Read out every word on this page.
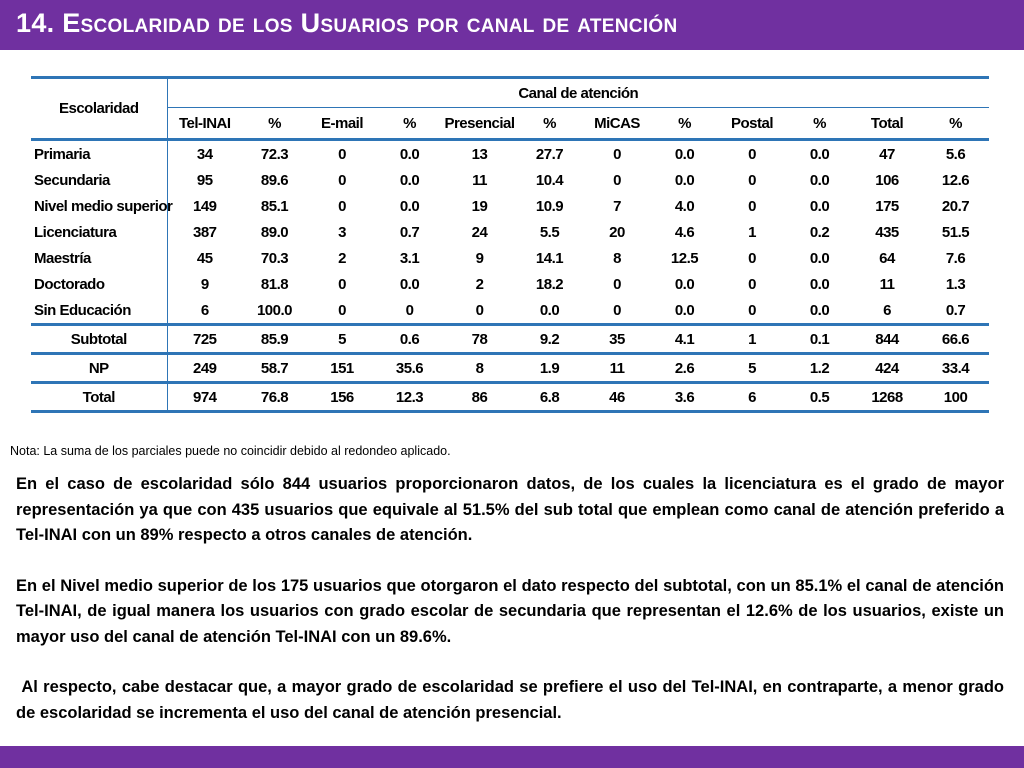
14. Escolaridad de los Usuarios por canal de atención
Escolaridad	Canal de atención											
	Tel-INAI	%	E-mail	%	Presencial	%	MiCAS	%	Postal	%	Total	%
Primaria	34	72.3	0	0.0	13	27.7	0	0.0	0	0.0	47	5.6
Secundaria	95	89.6	0	0.0	11	10.4	0	0.0	0	0.0	106	12.6
Nivel medio superior	149	85.1	0	0.0	19	10.9	7	4.0	0	0.0	175	20.7
Licenciatura	387	89.0	3	0.7	24	5.5	20	4.6	1	0.2	435	51.5
Maestría	45	70.3	2	3.1	9	14.1	8	12.5	0	0.0	64	7.6
Doctorado	9	81.8	0	0.0	2	18.2	0	0.0	0	0.0	11	1.3
Sin Educación	6	100.0	0	0	0	0.0	0	0.0	0	0.0	6	0.7
Subtotal	725	85.9	5	0.6	78	9.2	35	4.1	1	0.1	844	66.6
NP	249	58.7	151	35.6	8	1.9	11	2.6	5	1.2	424	33.4
Total	974	76.8	156	12.3	86	6.8	46	3.6	6	0.5	1268	100
Nota: La suma de los parciales puede no coincidir debido al redondeo aplicado.

En el caso de escolaridad sólo 844 usuarios proporcionaron datos, de los cuales la licenciatura es el grado de mayor representación ya que con 435 usuarios que equivale al 51.5% del sub total que emplean como canal de atención preferido a Tel-INAI con un 89% respecto a otros canales de atención.

En el Nivel medio superior de los 175 usuarios que otorgaron el dato respecto del subtotal, con un 85.1% el canal de atención Tel-INAI, de igual manera los usuarios con grado escolar de secundaria que representan el 12.6% de los usuarios, existe un mayor uso del canal de atención Tel-INAI con un 89.6%.

Al respecto, cabe destacar que, a mayor grado de escolaridad se prefiere el uso del Tel-INAI, en contraparte, a menor grado de escolaridad se incrementa el uso del canal de atención presencial.
